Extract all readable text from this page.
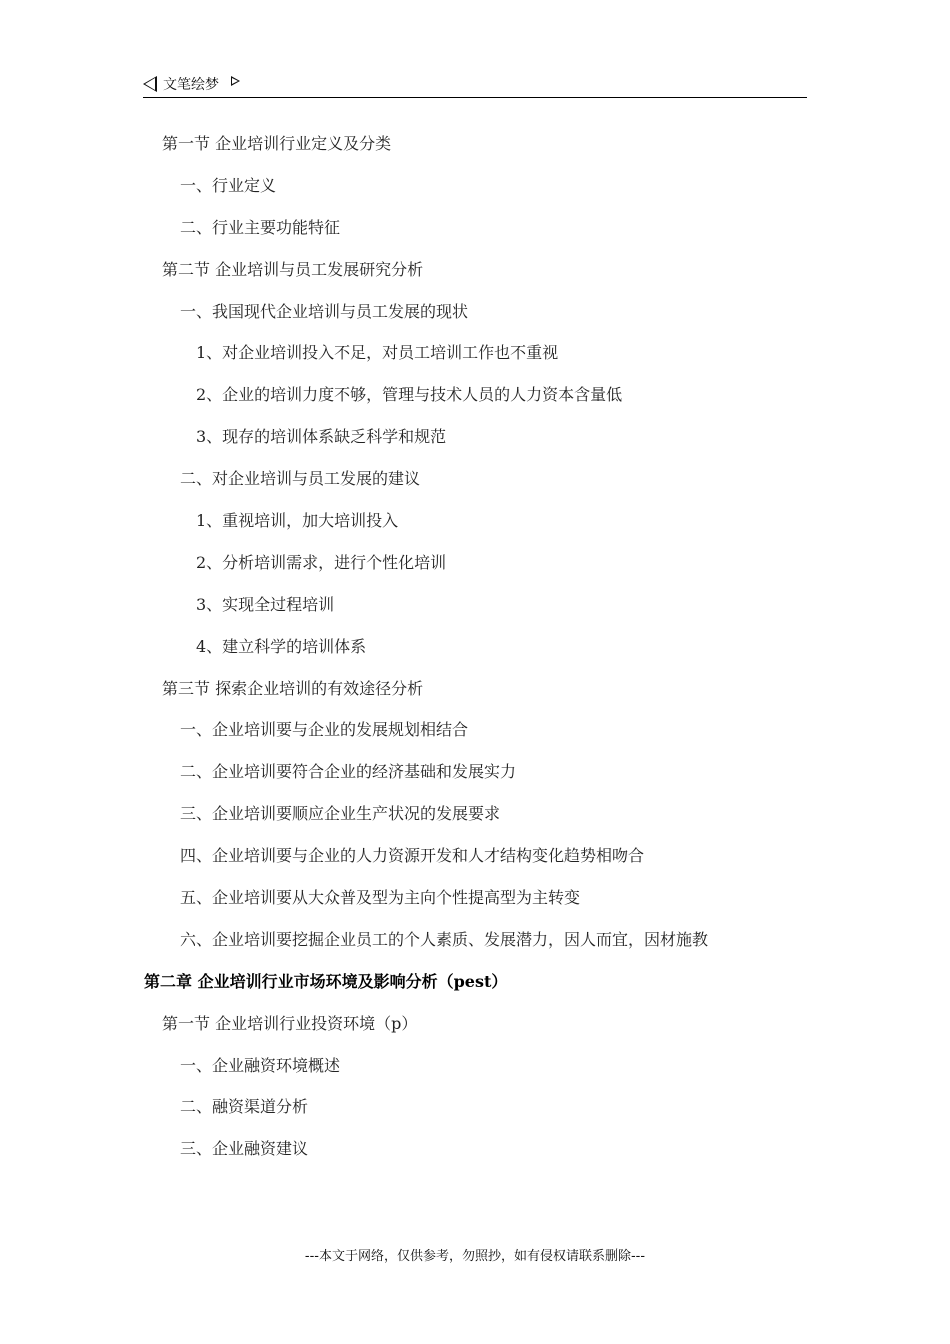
文笔绘梦
第一节 企业培训行业定义及分类
一、行业定义
二、行业主要功能特征
第二节 企业培训与员工发展研究分析
一、我国现代企业培训与员工发展的现状
1、对企业培训投入不足，对员工培训工作也不重视
2、企业的培训力度不够，管理与技术人员的人力资本含量低
3、现存的培训体系缺乏科学和规范
二、对企业培训与员工发展的建议
1、重视培训，加大培训投入
2、分析培训需求，进行个性化培训
3、实现全过程培训
4、建立科学的培训体系
第三节 探索企业培训的有效途径分析
一、企业培训要与企业的发展规划相结合
二、企业培训要符合企业的经济基础和发展实力
三、企业培训要顺应企业生产状况的发展要求
四、企业培训要与企业的人力资源开发和人才结构变化趋势相吻合
五、企业培训要从大众普及型为主向个性提高型为主转变
六、企业培训要挖掘企业员工的个人素质、发展潜力，因人而宜，因材施教
第二章 企业培训行业市场环境及影响分析（pest）
第一节 企业培训行业投资环境（p）
一、企业融资环境概述
二、融资渠道分析
三、企业融资建议
---本文于网络，仅供参考，勿照抄，如有侵权请联系删除---
